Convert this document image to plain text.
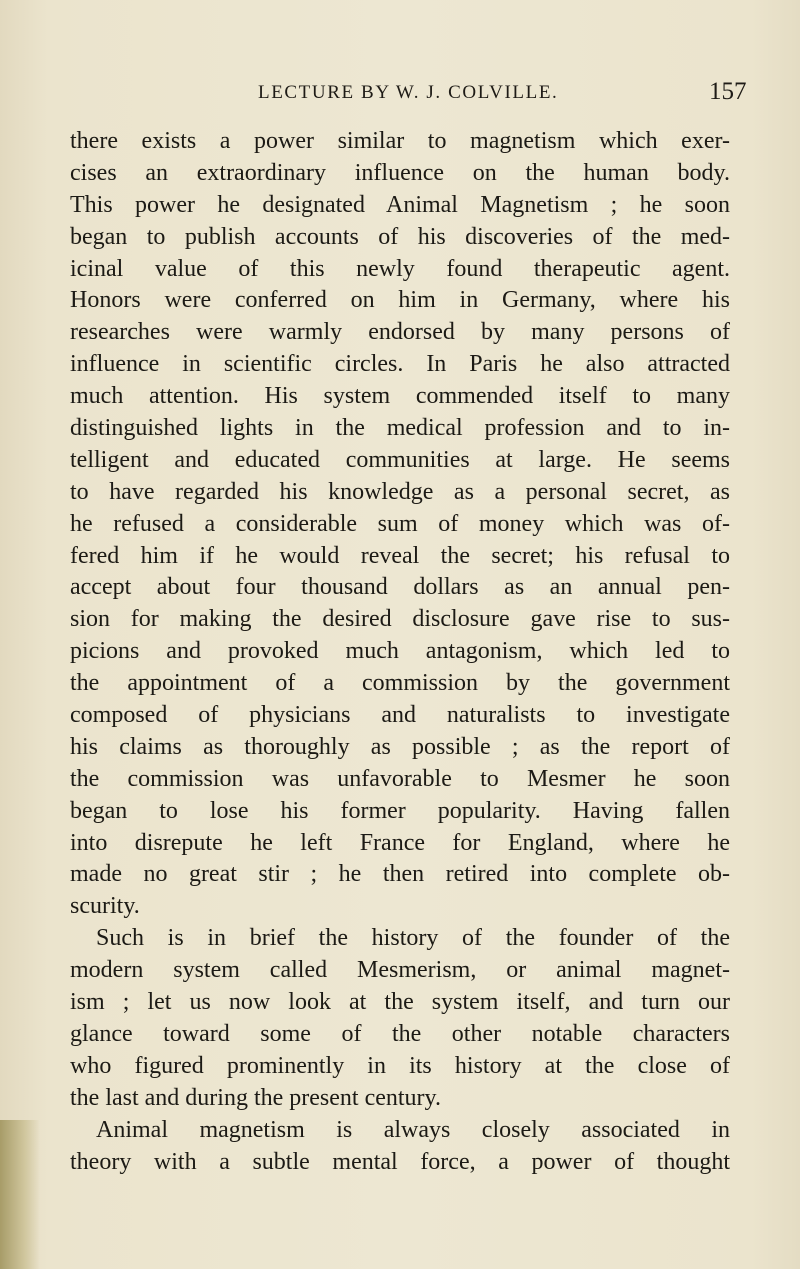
LECTURE BY W. J. COLVILLE.	157
there exists a power similar to magnetism which exer-
cises an extraordinary influence on the human body.
This power he designated Animal Magnetism ; he soon
began to publish accounts of his discoveries of the med-
icinal value of this newly found therapeutic agent.
Honors were conferred on him in Germany, where his
researches were warmly endorsed by many persons of
influence in scientific circles. In Paris he also attracted
much attention. His system commended itself to many
distinguished lights in the medical profession and to in-
telligent and educated communities at large. He seems
to have regarded his knowledge as a personal secret, as
he refused a considerable sum of money which was of-
fered him if he would reveal the secret; his refusal to
accept about four thousand dollars as an annual pen-
sion for making the desired disclosure gave rise to sus-
picions and provoked much antagonism, which led to
the appointment of a commission by the government
composed of physicians and naturalists to investigate
his claims as thoroughly as possible ; as the report of
the commission was unfavorable to Mesmer he soon
began to lose his former popularity. Having fallen
into disrepute he left France for England, where he
made no great stir ; he then retired into complete ob-
scurity.
Such is in brief the history of the founder of the
modern system called Mesmerism, or animal magnet-
ism ; let us now look at the system itself, and turn our
glance toward some of the other notable characters
who figured prominently in its history at the close of
the last and during the present century.
Animal magnetism is always closely associated in
theory with a subtle mental force, a power of thought
